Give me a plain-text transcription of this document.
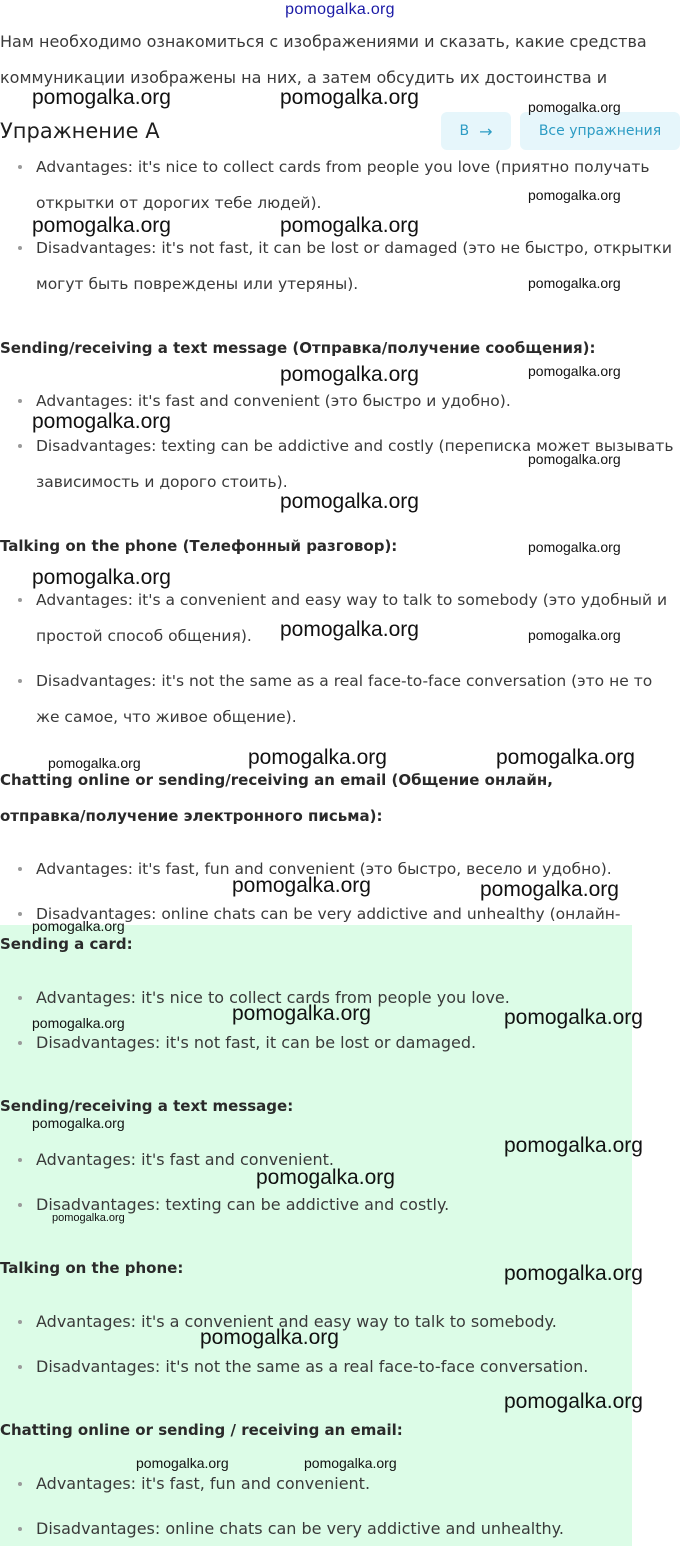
pomogalka.org
Нам необходимо ознакомиться с изображениями и сказать, какие средства коммуникации изображены на них, а затем обсудить их достоинства и
Advantages: it's nice to collect cards from people you love (приятно получать открытки от дорогих тебе людей).
Disadvantages: it's not fast, it can be lost or damaged (это не быстро, открытки могут быть повреждены или утеряны).

Sending/receiving a text message (Отправка/получение сообщения):

Advantages: it's fast and convenient (это быстро и удобно).
Disadvantages: texting can be addictive and costly (переписка может вызывать зависимость и дорого стоить).

Talking on the phone (Телефонный разговор):

Advantages: it's a convenient and easy way to talk to somebody (это удобный и простой способ общения).
Disadvantages: it's not the same as a real face-to-face conversation (это не то же самое, что живое общение).

Chatting online or sending/receiving an email (Общение онлайн, отправка/получение электронного письма):

Advantages: it's fast, fun and convenient (это быстро, весело и удобно).
Disadvantages: online chats can be very addictive and unhealthy (онлайн-
Упражнение A	B →	Все упражнения

Sending a card:

Advantages: it's nice to collect cards from people you love.
Disadvantages: it's not fast, it can be lost or damaged.

Sending/receiving a text message:

Advantages: it's fast and convenient.
Disadvantages: texting can be addictive and costly.

Talking on the phone:

Advantages: it's a convenient and easy way to talk to somebody.
Disadvantages: it's not the same as a real face-to-face conversation.

Chatting online or sending / receiving an email:

Advantages: it's fast, fun and convenient.
Disadvantages: online chats can be very addictive and unhealthy.
pomogalka.org	pomogalka.org	pomogalka.org
pomogalka.org
pomogalka.org	pomogalka.org
pomogalka.org
pomogalka.org	pomogalka.org
pomogalka.org
pomogalka.org
pomogalka.org
pomogalka.org
pomogalka.org
pomogalka.org	pomogalka.org
pomogalka.org	pomogalka.org	pomogalka.org
pomogalka.org	pomogalka.org
pomogalka.org
pomogalka.org	pomogalka.org
pomogalka.org
pomogalka.org
pomogalka.org
pomogalka.org
pomogalka.org
pomogalka.org
pomogalka.org
pomogalka.org
pomogalka.org	pomogalka.org
